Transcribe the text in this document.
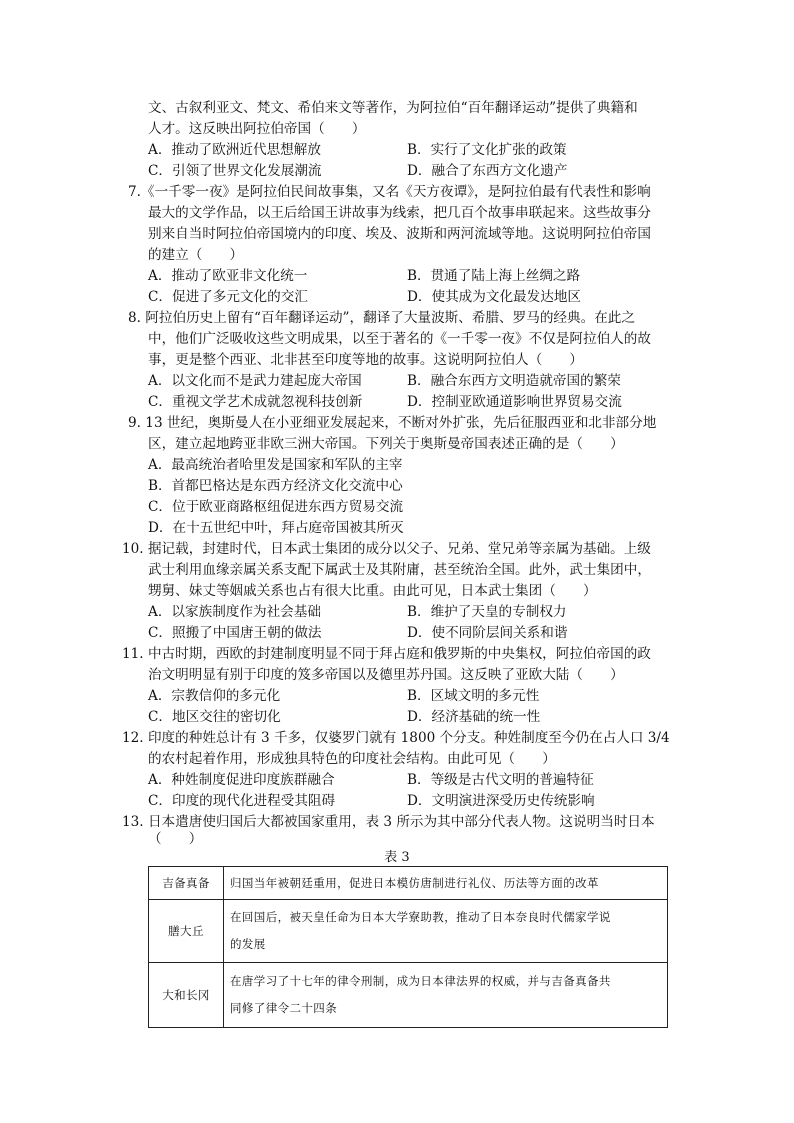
文、古叙利亚文、梵文、希伯来文等著作，为阿拉伯“百年翻译运动”提供了典籍和
人才。这反映出阿拉伯帝国（　　）
A．推动了欧洲近代思想解放	B．实行了文化扩张的政策
C．引领了世界文化发展潮流	D．融合了东西方文化遗产
7.《一千零一夜》是阿拉伯民间故事集，又名《天方夜谭》，是阿拉伯最有代表性和影响
最大的文学作品，以王后给国王讲故事为线索，把几百个故事串联起来。这些故事分
别来自当时阿拉伯帝国境内的印度、埃及、波斯和两河流域等地。这说明阿拉伯帝国
的建立（　　）
A．推动了欧亚非文化统一	B．贯通了陆上海上丝绸之路
C．促进了多元文化的交汇	D．使其成为文化最发达地区
8. 阿拉伯历史上留有“百年翻译运动”，翻译了大量波斯、希腊、罗马的经典。在此之
中，他们广泛吸收这些文明成果，以至于著名的《一千零一夜》不仅是阿拉伯人的故
事，更是整个西亚、北非甚至印度等地的故事。这说明阿拉伯人（　　）
A．以文化而不是武力建起庞大帝国	B．融合东西方文明造就帝国的繁荣
C．重视文学艺术成就忽视科技创新	D．控制亚欧通道影响世界贸易交流
9. 13 世纪，奥斯曼人在小亚细亚发展起来，不断对外扩张，先后征服西亚和北非部分地
区，建立起地跨亚非欧三洲大帝国。下列关于奥斯曼帝国表述正确的是（　　）
A．最高统治者哈里发是国家和军队的主宰
B．首都巴格达是东西方经济文化交流中心
C．位于欧亚商路枢纽促进东西方贸易交流
D．在十五世纪中叶，拜占庭帝国被其所灭
10. 据记载，封建时代，日本武士集团的成分以父子、兄弟、堂兄弟等亲属为基础。上级
武士利用血缘亲属关系支配下属武士及其附庸，甚至统治全国。此外，武士集团中，
甥舅、妹丈等姻戚关系也占有很大比重。由此可见，日本武士集团（　　）
A．以家族制度作为社会基础	B．维护了天皇的专制权力
C．照搬了中国唐王朝的做法	D．使不同阶层间关系和谐
11. 中古时期，西欧的封建制度明显不同于拜占庭和俄罗斯的中央集权，阿拉伯帝国的政
治文明明显有别于印度的笈多帝国以及德里苏丹国。这反映了亚欧大陆（　　）
A．宗教信仰的多元化	B．区域文明的多元性
C．地区交往的密切化	D．经济基础的统一性
12. 印度的种姓总计有 3 千多，仅婆罗门就有 1800 个分支。种姓制度至今仍在占人口 3/4
的农村起着作用，形成独具特色的印度社会结构。由此可见（　　）
A．种姓制度促进印度族群融合	B．等级是古代文明的普遍特征
C．印度的现代化进程受其阻碍	D．文明演进深受历史传统影响
13. 日本遣唐使归国后大都被国家重用，表 3 所示为其中部分代表人物。这说明当时日本
（　　）
表 3
吉备真备	归国当年被朝廷重用，促进日本模仿唐制进行礼仪、历法等方面的改革

膳大丘	在回国后，被天皇任命为日本大学寮助教，推动了日本奈良时代儒家学说
的发展

大和长冈	在唐学习了十七年的律令刑制，成为日本律法界的权威，并与吉备真备共
同修了律令二十四条
